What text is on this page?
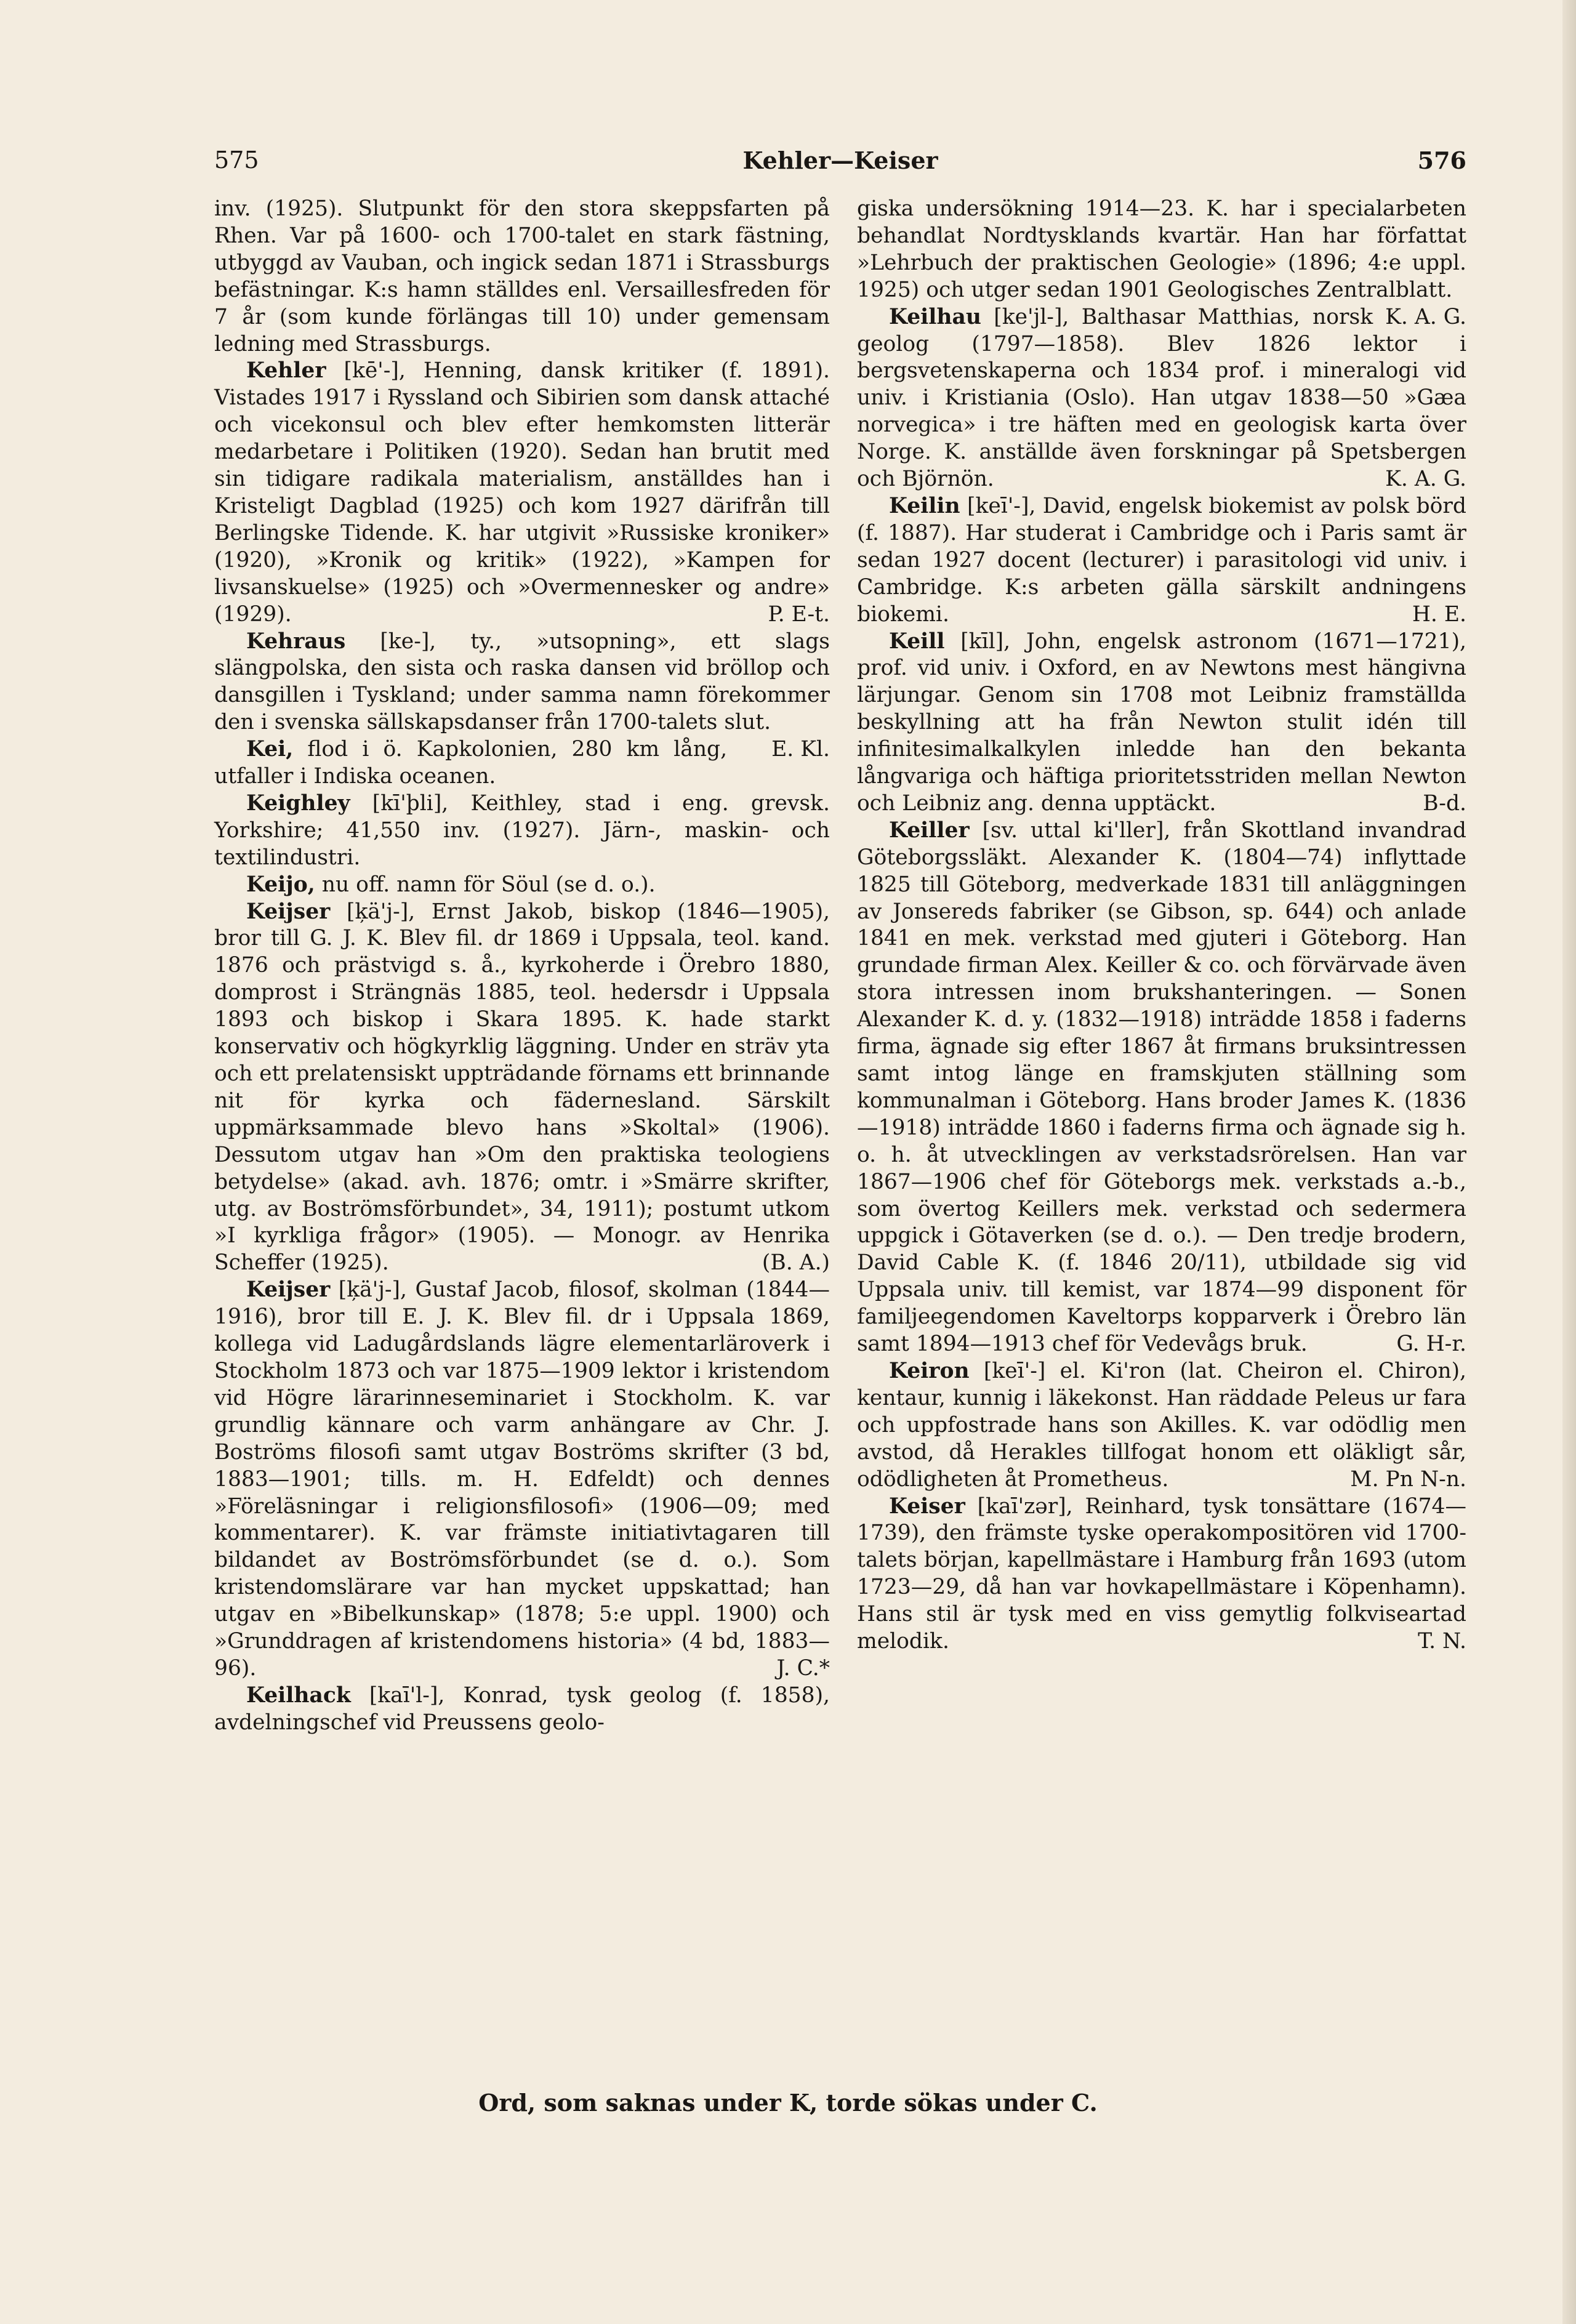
575	Kehler—Keiser	576

inv. (1925). Slutpunkt för den stora skeppsfarten på Rhen. Var på 1600- och 1700-talet en stark fästning, utbyggd av Vauban, och ingick sedan 1871 i Strassburgs befästningar. K:s hamn ställdes enl. Versaillesfreden för 7 år (som kunde förlängas till 10) under gemensam ledning med Strassburgs.

Kehler [kē'-], Henning, dansk kritiker (f. 1891). Vistades 1917 i Ryssland och Sibirien som dansk attaché och vicekonsul och blev efter hemkomsten litterär medarbetare i Politiken (1920). Sedan han brutit med sin tidigare radikala materialism, anställdes han i Kristeligt Dagblad (1925) och kom 1927 därifrån till Berlingske Tidende. K. har utgivit »Russiske kroniker» (1920), »Kronik og kritik» (1922), »Kampen for livsanskuelse» (1925) och »Overmennesker og andre» (1929).	P. E-t.

Kehraus [ke-], ty., »utsopning», ett slags slängpolska, den sista och raska dansen vid bröllop och dansgillen i Tyskland; under samma namn förekommer den i svenska sällskapsdanser från 1700-talets slut.
E. Kl.

Kei, flod i ö. Kapkolonien, 280 km lång, utfaller i Indiska oceanen.

Keighley [kī'þli], Keithley, stad i eng. grevsk. Yorkshire; 41,550 inv. (1927). Järn-, maskin- och textilindustri.

Keijo, nu off. namn för Söul (se d. o.).

Keijser [ķä'j-], Ernst Jakob, biskop (1846—1905), bror till G. J. K. Blev fil. dr 1869 i Uppsala, teol. kand. 1876 och prästvigd s. å., kyrkoherde i Örebro 1880, domprost i Strängnäs 1885, teol. hedersdr i Uppsala 1893 och biskop i Skara 1895. K. hade starkt konservativ och högkyrklig läggning. Under en sträv yta och ett prelatensiskt uppträdande förnams ett brinnande nit för kyrka och fädernesland. Särskilt uppmärksammade blevo hans »Skoltal» (1906). Dessutom utgav han »Om den praktiska teologiens betydelse» (akad. avh. 1876; omtr. i »Smärre skrifter, utg. av Boströmsförbundet», 34, 1911); postumt utkom »I kyrkliga frågor» (1905). — Monogr. av Henrika Scheffer (1925).	(B. A.)

Keijser [ķä'j-], Gustaf Jacob, filosof, skolman (1844—1916), bror till E. J. K. Blev fil. dr i Uppsala 1869, kollega vid Ladugårdslands lägre elementarläroverk i Stockholm 1873 och var 1875—1909 lektor i kristendom vid Högre lärarinneseminariet i Stockholm. K. var grundlig kännare och varm anhängare av Chr. J. Boströms filosofi samt utgav Boströms skrifter (3 bd, 1883—1901; tills. m. H. Edfeldt) och dennes »Föreläsningar i religionsfilosofi» (1906—09; med kommentarer). K. var främste initiativtagaren till bildandet av Boströmsförbundet (se d. o.). Som kristendomslärare var han mycket uppskattad; han utgav en »Bibelkunskap» (1878; 5:e uppl. 1900) och »Grunddragen af kristendomens historia» (4 bd, 1883—96).	J. C.*

Keilhack [kaī'l-], Konrad, tysk geolog (f. 1858), avdelningschef vid Preussens geolo-

giska undersökning 1914—23. K. har i specialarbeten behandlat Nordtysklands kvartär. Han har författat »Lehrbuch der praktischen Geologie» (1896; 4:e uppl. 1925) och utger sedan 1901 Geologisches Zentralblatt.
K. A. G.

Keilhau [ke'jl-], Balthasar Matthias, norsk geolog (1797—1858). Blev 1826 lektor i bergsvetenskaperna och 1834 prof. i mineralogi vid univ. i Kristiania (Oslo). Han utgav 1838—50 »Gæa norvegica» i tre häften med en geologisk karta över Norge. K. anställde även forskningar på Spetsbergen och Björnön.	K. A. G.

Keilin [keī'-], David, engelsk biokemist av polsk börd (f. 1887). Har studerat i Cambridge och i Paris samt är sedan 1927 docent (lecturer) i parasitologi vid univ. i Cambridge. K:s arbeten gälla särskilt andningens biokemi.	H. E.

Keill [kīl], John, engelsk astronom (1671—1721), prof. vid univ. i Oxford, en av Newtons mest hängivna lärjungar. Genom sin 1708 mot Leibniz framställda beskyllning att ha från Newton stulit idén till infinitesimalkalkylen inledde han den bekanta långvariga och häftiga prioritetsstriden mellan Newton och Leibniz ang. denna upptäckt.	B-d.

Keiller [sv. uttal ki'ller], från Skottland invandrad Göteborgssläkt. Alexander K. (1804—74) inflyttade 1825 till Göteborg, medverkade 1831 till anläggningen av Jonsereds fabriker (se Gibson, sp. 644) och anlade 1841 en mek. verkstad med gjuteri i Göteborg. Han grundade firman Alex. Keiller & co. och förvärvade även stora intressen inom brukshanteringen. — Sonen Alexander K. d. y. (1832—1918) inträdde 1858 i faderns firma, ägnade sig efter 1867 åt firmans bruksintressen samt intog länge en framskjuten ställning som kommunalman i Göteborg. Hans broder James K. (1836—1918) inträdde 1860 i faderns firma och ägnade sig h. o. h. åt utvecklingen av verkstadsrörelsen. Han var 1867—1906 chef för Göteborgs mek. verkstads a.-b., som övertog Keillers mek. verkstad och sedermera uppgick i Götaverken (se d. o.). — Den tredje brodern, David Cable K. (f. 1846 20/11), utbildade sig vid Uppsala univ. till kemist, var 1874—99 disponent för familjeegendomen Kaveltorps kopparverk i Örebro län samt 1894—1913 chef för Vedevågs bruk.	G. H-r.

Keiron [keī'-] el. Ki'ron (lat. Cheiron el. Chiron), kentaur, kunnig i läkekonst. Han räddade Peleus ur fara och uppfostrade hans son Akilles. K. var odödlig men avstod, då Herakles tillfogat honom ett oläkligt sår, odödligheten åt Prometheus.	M. Pn N-n.

Keiser [kaī'zər], Reinhard, tysk tonsättare (1674—1739), den främste tyske operakompositören vid 1700-talets början, kapellmästare i Hamburg från 1693 (utom 1723—29, då han var hovkapellmästare i Köpenhamn). Hans stil är tysk med en viss gemytlig folkviseartad melodik.	T. N.

Ord, som saknas under K, torde sökas under C.
